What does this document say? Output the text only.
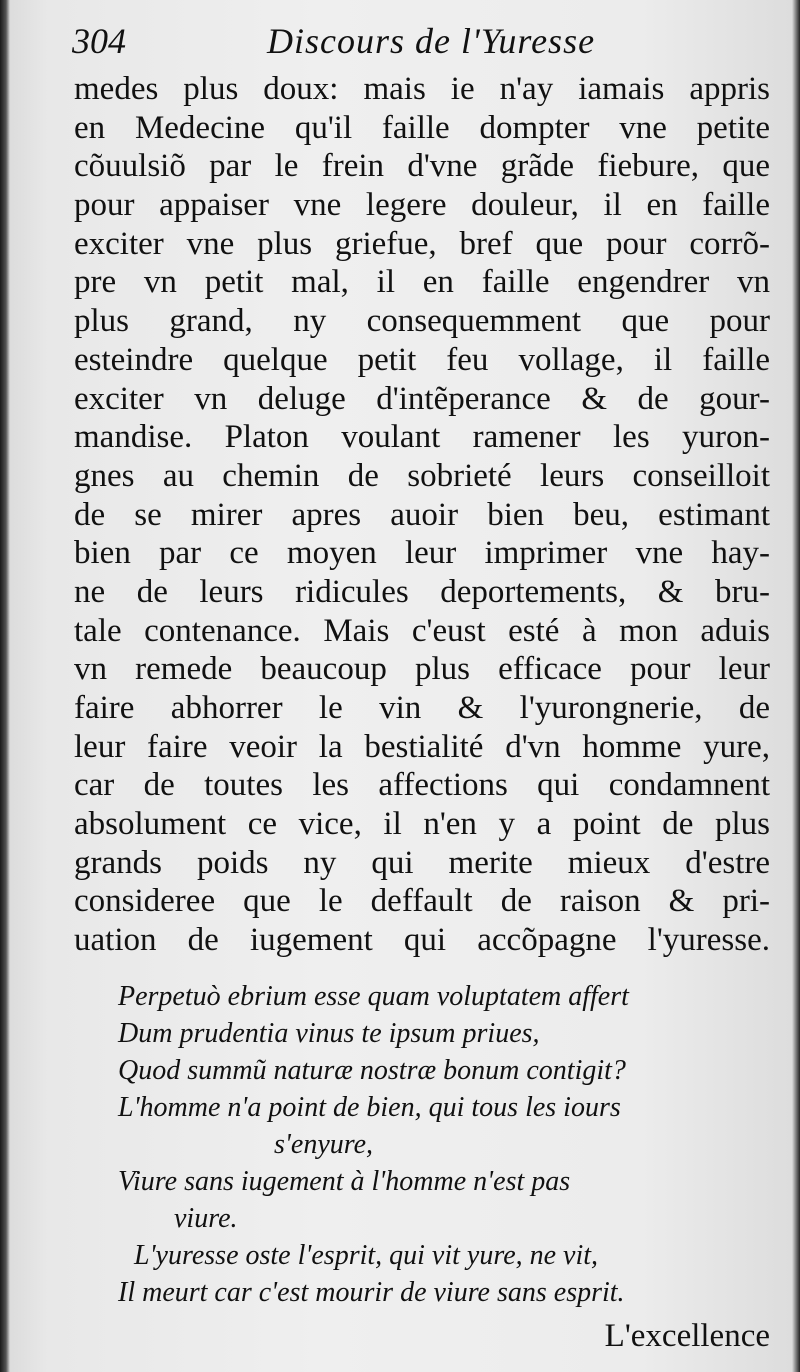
304	Discours de l'Yuresse
medes plus doux: mais ie n'ay iamais appris
en Medecine qu'il faille dompter vne petite
cõuulsiõ par le frein d'vne grãde fiebure, que
pour appaiser vne legere douleur, il en faille
exciter vne plus griefue, bref que pour corrõ-
pre vn petit mal, il en faille engendrer vn
plus grand, ny consequemment que pour
esteindre quelque petit feu vollage, il faille
exciter vn deluge d'intẽperance & de gour-
mandise. Platon voulant ramener les yuron-
gnes au chemin de sobrieté leurs conseilloit
de se mirer apres auoir bien beu, estimant
bien par ce moyen leur imprimer vne hay-
ne de leurs ridicules deportements, & bru-
tale contenance. Mais c'eust esté à mon aduis
vn remede beaucoup plus efficace pour leur
faire abhorrer le vin & l'yurongnerie, de
leur faire veoir la bestialité d'vn homme yure,
car de toutes les affections qui condamnent
absolument ce vice, il n'en y a point de plus
grands poids ny qui merite mieux d'estre
consideree que le deffault de raison & pri-
uation de iugement qui accõpagne l'yuresse.
Perpetuò ebrium esse quam voluptatem affert
Dum prudentia vinus te ipsum priues,
Quod summũ naturæ nostræ bonum contigit?
L'homme n'a point de bien, qui tous les iours
s'enyure,
Viure sans iugement à l'homme n'est pas
viure.
L'yuresse oste l'esprit, qui vit yure, ne vit,
Il meurt car c'est mourir de viure sans esprit.
L'excellence
